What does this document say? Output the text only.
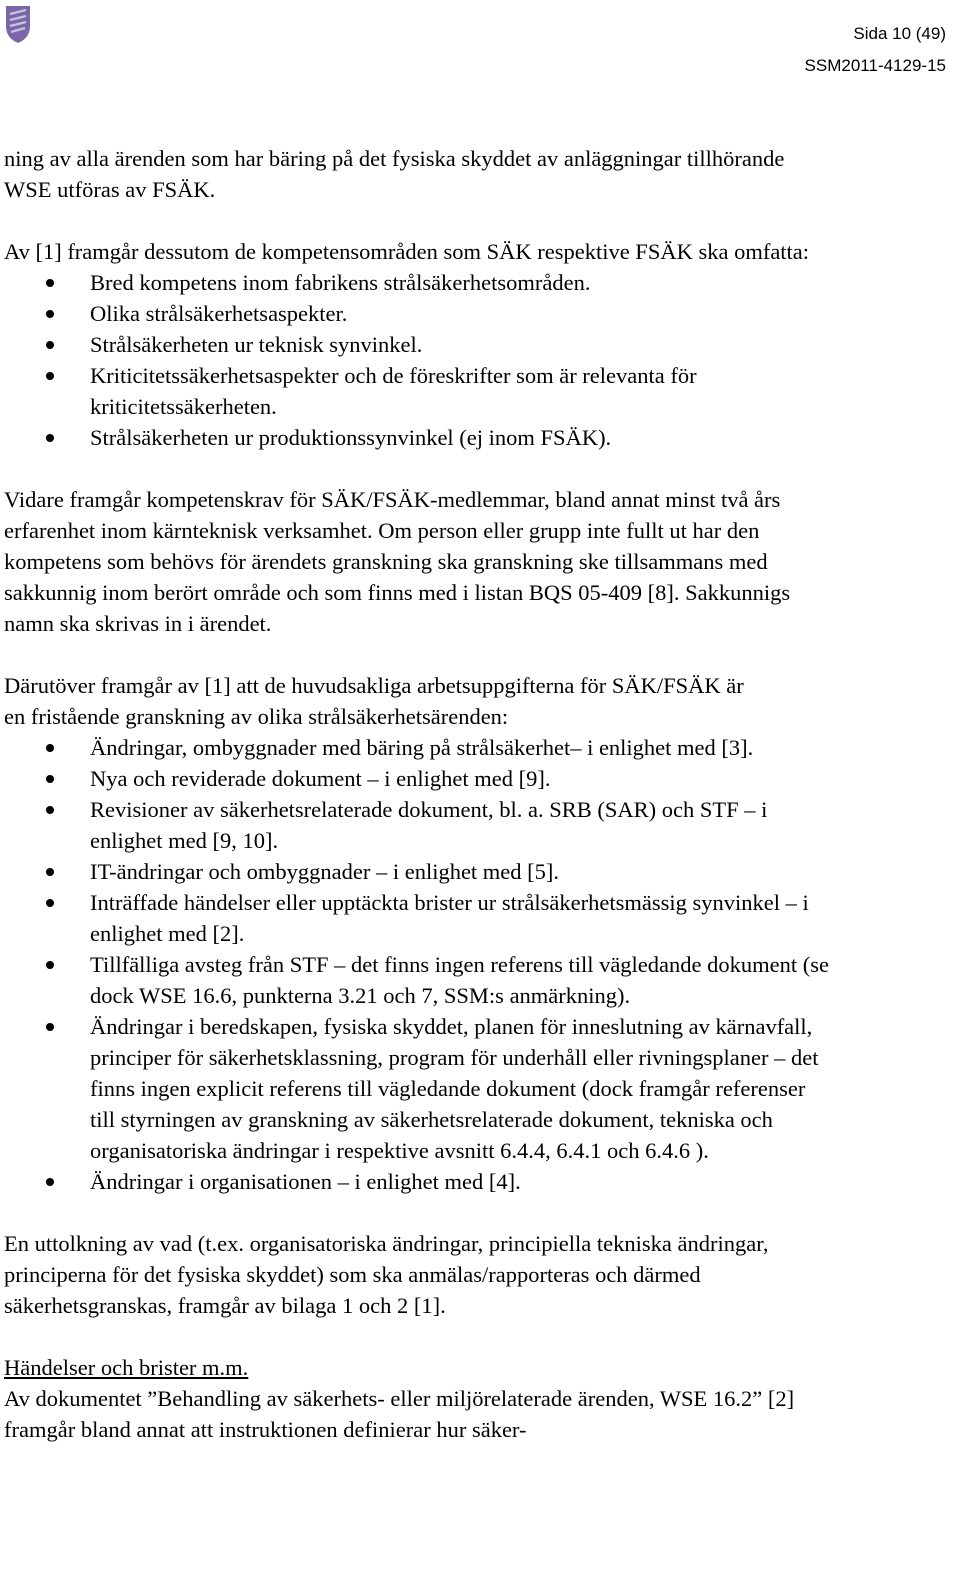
Sida 10 (49)
SSM2011-4129-15

ning av alla ärenden som har bäring på det fysiska skyddet av anläggningar tillhörande WSE utföras av FSÄK.

Av [1] framgår dessutom de kompetensområden som SÄK respektive FSÄK ska omfatta:

Bred kompetens inom fabrikens strålsäkerhetsområden.
Olika strålsäkerhetsaspekter.
Strålsäkerheten ur teknisk synvinkel.
Kriticitetssäkerhetsaspekter och de föreskrifter som är relevanta för kriticitetssäkerheten.
Strålsäkerheten ur produktionssynvinkel (ej inom FSÄK).

Vidare framgår kompetenskrav för SÄK/FSÄK-medlemmar, bland annat minst två års erfarenhet inom kärnteknisk verksamhet. Om person eller grupp inte fullt ut har den kompetens som behövs för ärendets granskning ska granskning ske tillsammans med sakkunnig inom berört område och som finns med i listan BQS 05-409 [8]. Sakkunnigs namn ska skrivas in i ärendet.

Därutöver framgår av [1] att de huvudsakliga arbetsuppgifterna för SÄK/FSÄK är en fristående granskning av olika strålsäkerhetsärenden:

Ändringar, ombyggnader med bäring på strålsäkerhet– i enlighet med [3].
Nya och reviderade dokument – i enlighet med [9].
Revisioner av säkerhetsrelaterade dokument, bl. a. SRB (SAR) och STF – i enlighet med [9, 10].
IT-ändringar och ombyggnader – i enlighet med [5].
Inträffade händelser eller upptäckta brister ur strålsäkerhetsmässig synvinkel – i enlighet med [2].
Tillfälliga avsteg från STF – det finns ingen referens till vägledande dokument (se dock WSE 16.6, punkterna 3.21 och 7, SSM:s anmärkning).
Ändringar i beredskapen, fysiska skyddet, planen för inneslutning av kärnavfall, principer för säkerhetsklassning, program för underhåll eller rivningsplaner – det finns ingen explicit referens till vägledande dokument (dock framgår referenser till styrningen av granskning av säkerhetsrelaterade dokument, tekniska och organisatoriska ändringar i respektive avsnitt 6.4.4, 6.4.1 och 6.4.6 ).
Ändringar i organisationen – i enlighet med [4].

En uttolkning av vad (t.ex. organisatoriska ändringar, principiella tekniska ändringar, principerna för det fysiska skyddet) som ska anmälas/rapporteras och därmed säkerhetsgranskas, framgår av bilaga 1 och 2 [1].

Händelser och brister m.m.

Av dokumentet ”Behandling av säkerhets- eller miljörelaterade ärenden, WSE 16.2” [2] framgår bland annat att instruktionen definierar hur säker-
